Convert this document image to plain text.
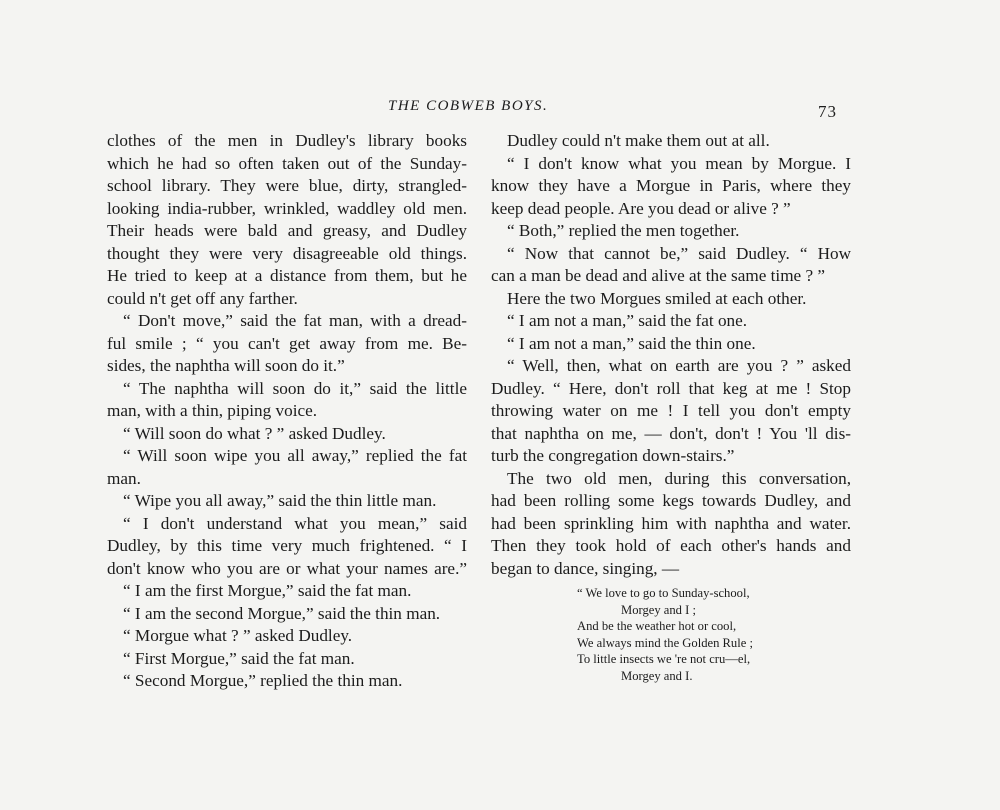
THE COBWEB BOYS.	73
clothes of the men in Dudley's library books
which he had so often taken out of the Sunday-
school library. They were blue, dirty, strangled-
looking india-rubber, wrinkled, waddley old men.
Their heads were bald and greasy, and Dudley
thought they were very disagreeable old things.
He tried to keep at a distance from them, but he
could n't get off any farther.
“ Don't move,” said the fat man, with a dread-
ful smile ; “ you can't get away from me. Be-
sides, the naphtha will soon do it.”
“ The naphtha will soon do it,” said the little
man, with a thin, piping voice.
“ Will soon do what ? ” asked Dudley.
“ Will soon wipe you all away,” replied the fat
man.
“ Wipe you all away,” said the thin little man.
“ I don't understand what you mean,” said
Dudley, by this time very much frightened. “ I
don't know who you are or what your names are.”
“ I am the first Morgue,” said the fat man.
“ I am the second Morgue,” said the thin man.
“ Morgue what ? ” asked Dudley.
“ First Morgue,” said the fat man.
“ Second Morgue,” replied the thin man.
Dudley could n't make them out at all.
“ I don't know what you mean by Morgue. I
know they have a Morgue in Paris, where they
keep dead people. Are you dead or alive ? ”
“ Both,” replied the men together.
“ Now that cannot be,” said Dudley. “ How
can a man be dead and alive at the same time ? ”
Here the two Morgues smiled at each other.
“ I am not a man,” said the fat one.
“ I am not a man,” said the thin one.
“ Well, then, what on earth are you ? ” asked
Dudley. “ Here, don't roll that keg at me ! Stop
throwing water on me ! I tell you don't empty
that naphtha on me, — don't, don't ! You 'll dis-
turb the congregation down-stairs.”
The two old men, during this conversation,
had been rolling some kegs towards Dudley, and
had been sprinkling him with naphtha and water.
Then they took hold of each other's hands and
began to dance, singing, —
“ We love to go to Sunday-school,
Morgey and I ;
And be the weather hot or cool,
We always mind the Golden Rule ;
To little insects we 're not cru—el,
Morgey and I.
